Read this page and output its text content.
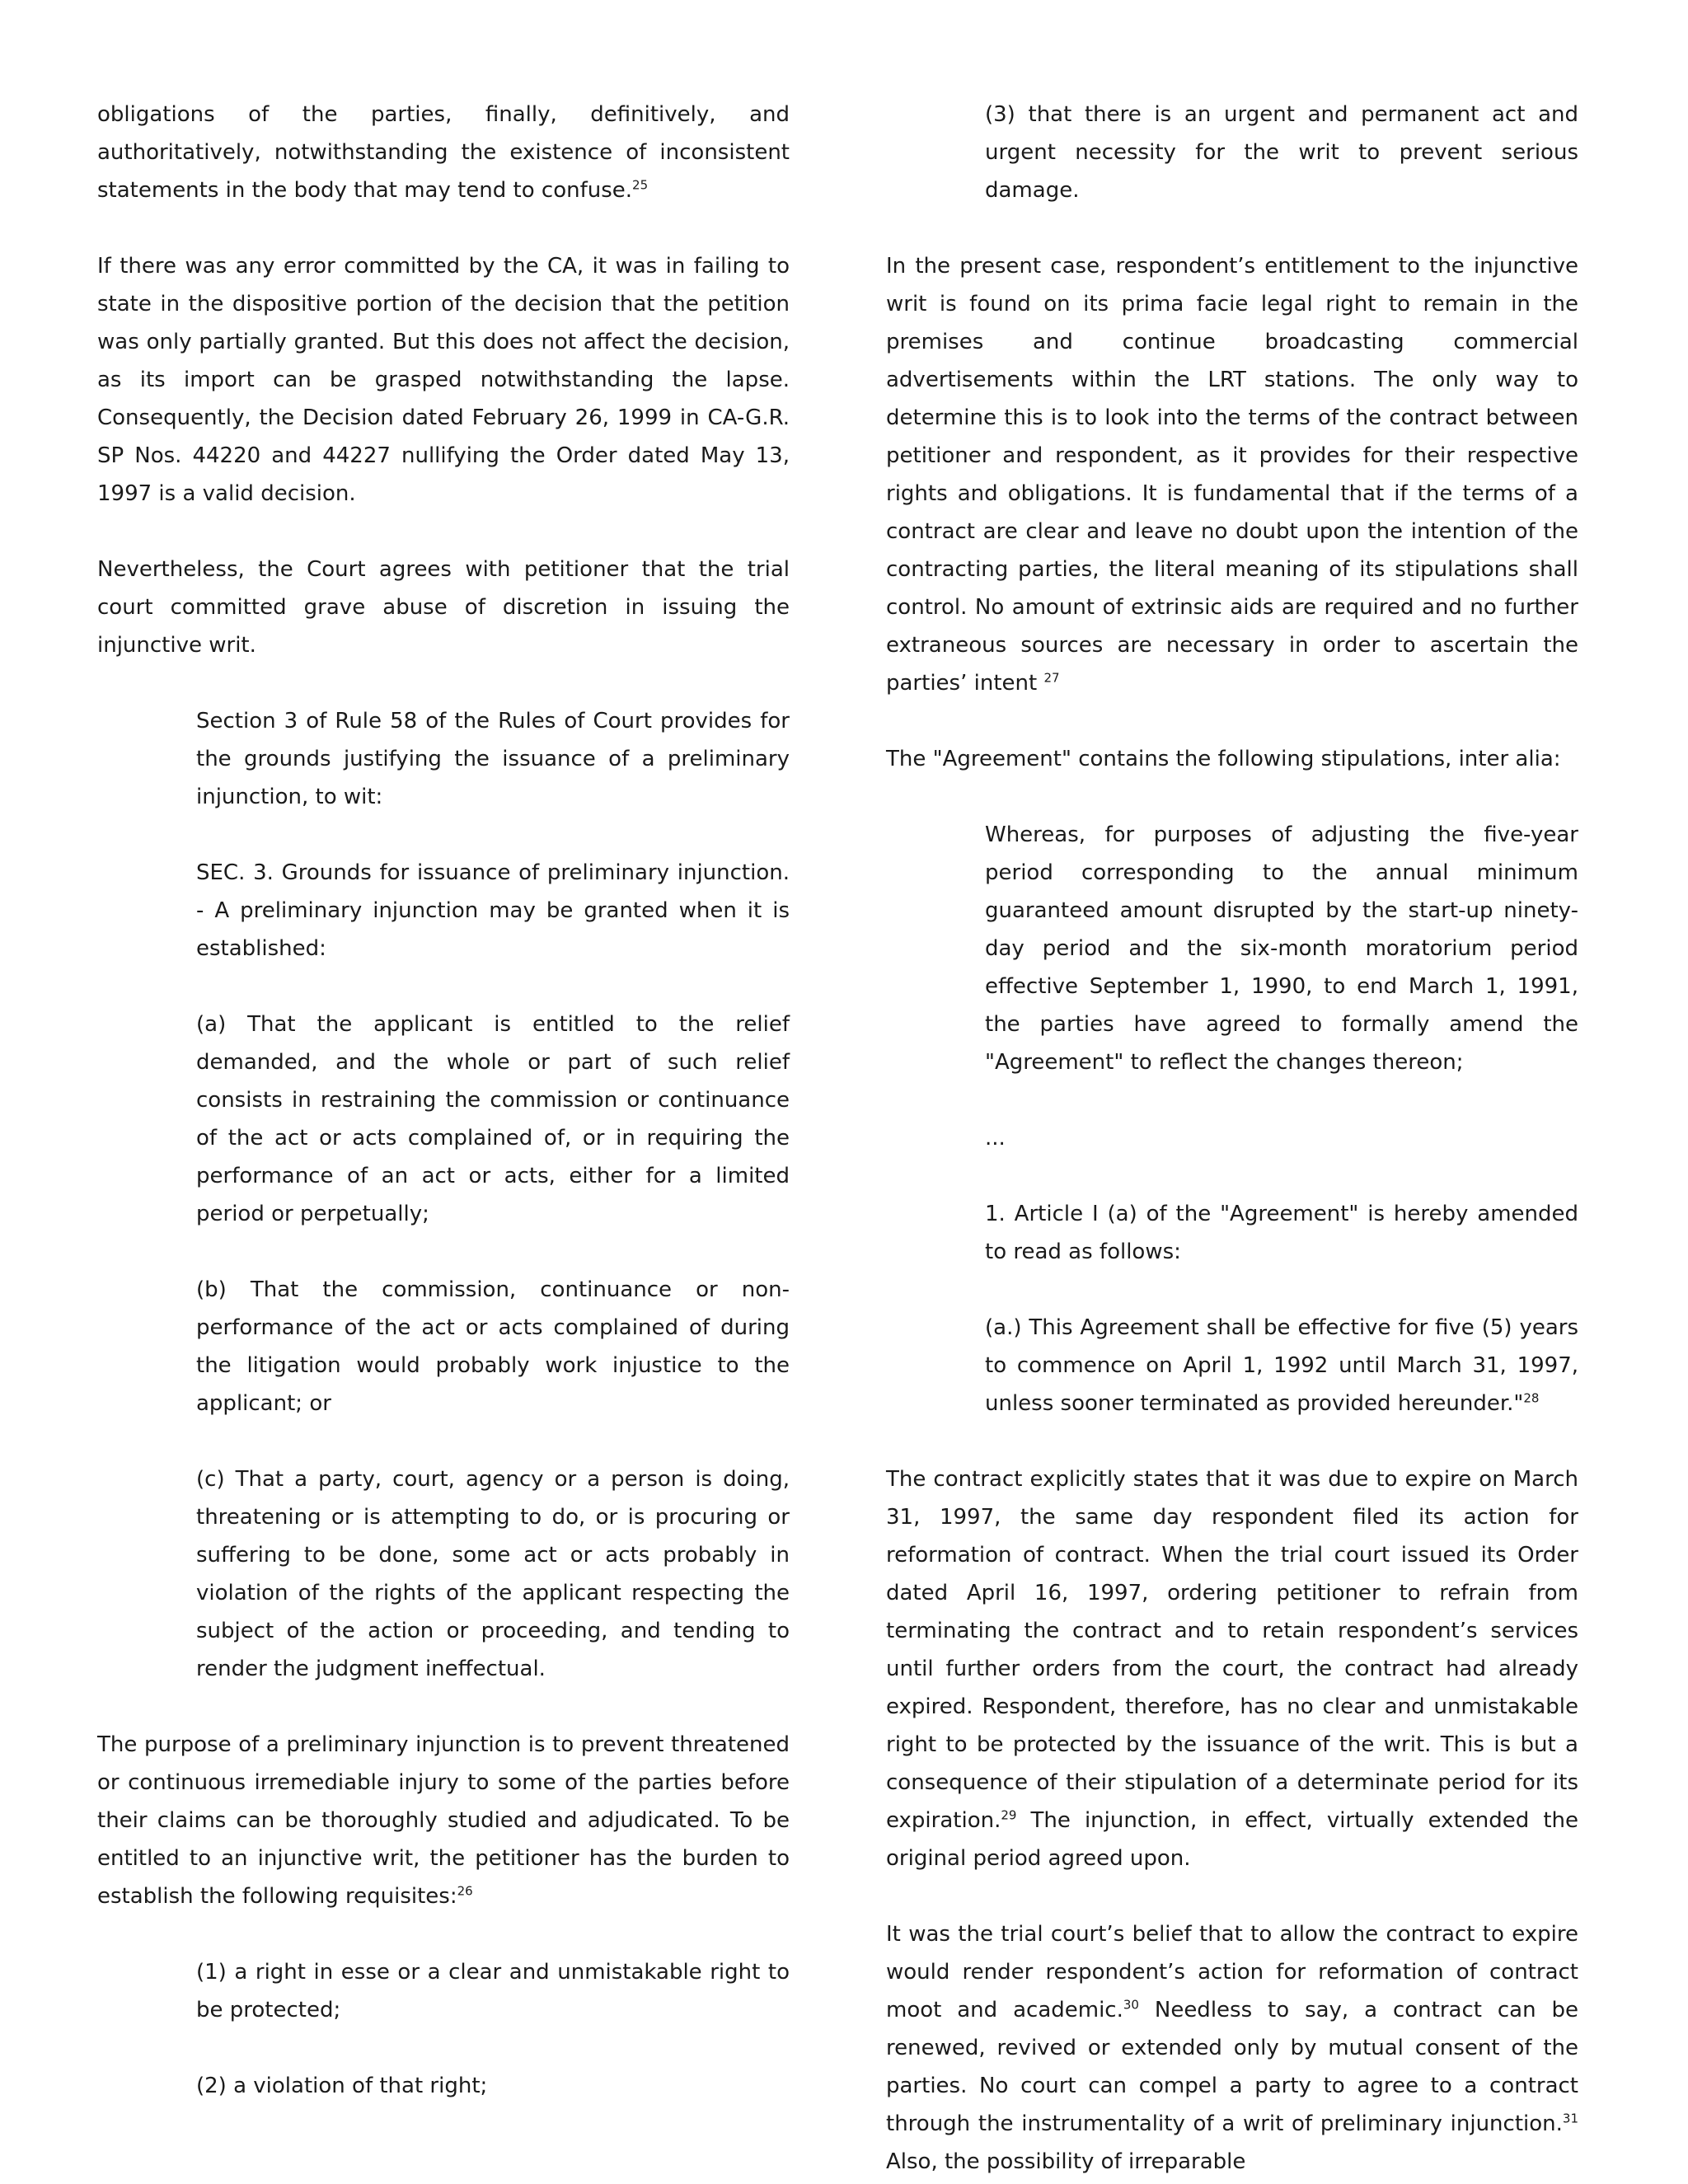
obligations of the parties, finally, definitively, and authoritatively, notwithstanding the existence of inconsistent statements in the body that may tend to confuse.$^{25}$

If there was any error committed by the CA, it was in failing to state in the dispositive portion of the decision that the petition was only partially granted. But this does not affect the decision, as its import can be grasped notwithstanding the lapse. Consequently, the Decision dated February 26, 1999 in CA-G.R. SP Nos. 44220 and 44227 nullifying the Order dated May 13, 1997 is a valid decision.

Nevertheless, the Court agrees with petitioner that the trial court committed grave abuse of discretion in issuing the injunctive writ.

Section 3 of Rule 58 of the Rules of Court provides for the grounds justifying the issuance of a preliminary injunction, to wit:

SEC. 3. Grounds for issuance of preliminary injunction. - A preliminary injunction may be granted when it is established:

(a) That the applicant is entitled to the relief demanded, and the whole or part of such relief consists in restraining the commission or continuance of the act or acts complained of, or in requiring the performance of an act or acts, either for a limited period or perpetually;

(b) That the commission, continuance or non-performance of the act or acts complained of during the litigation would probably work injustice to the applicant; or

(c) That a party, court, agency or a person is doing, threatening or is attempting to do, or is procuring or suffering to be done, some act or acts probably in violation of the rights of the applicant respecting the subject of the action or proceeding, and tending to render the judgment ineffectual.

The purpose of a preliminary injunction is to prevent threatened or continuous irremediable injury to some of the parties before their claims can be thoroughly studied and adjudicated. To be entitled to an injunctive writ, the petitioner has the burden to establish the following requisites:$^{26}$

(1) a right in esse or a clear and unmistakable right to be protected;

(2) a violation of that right;

(3) that there is an urgent and permanent act and urgent necessity for the writ to prevent serious damage.

In the present case, respondent’s entitlement to the injunctive writ is found on its prima facie legal right to remain in the premises and continue broadcasting commercial advertisements within the LRT stations. The only way to determine this is to look into the terms of the contract between petitioner and respondent, as it provides for their respective rights and obligations. It is fundamental that if the terms of a contract are clear and leave no doubt upon the intention of the contracting parties, the literal meaning of its stipulations shall control. No amount of extrinsic aids are required and no further extraneous sources are necessary in order to ascertain the parties’ intent $^{27}$

The "Agreement" contains the following stipulations, inter alia:

Whereas, for purposes of adjusting the five-year period corresponding to the annual minimum guaranteed amount disrupted by the start-up ninety-day period and the six-month moratorium period effective September 1, 1990, to end March 1, 1991, the parties have agreed to formally amend the "Agreement" to reflect the changes thereon;

...

1. Article I (a) of the "Agreement" is hereby amended to read as follows:

(a.) This Agreement shall be effective for five (5) years to commence on April 1, 1992 until March 31, 1997, unless sooner terminated as provided hereunder."$^{28}$

The contract explicitly states that it was due to expire on March 31, 1997, the same day respondent filed its action for reformation of contract. When the trial court issued its Order dated April 16, 1997, ordering petitioner to refrain from terminating the contract and to retain respondent’s services until further orders from the court, the contract had already expired. Respondent, therefore, has no clear and unmistakable right to be protected by the issuance of the writ. This is but a consequence of their stipulation of a determinate period for its expiration.$^{29}$ The injunction, in effect, virtually extended the original period agreed upon.

It was the trial court’s belief that to allow the contract to expire would render respondent’s action for reformation of contract moot and academic.$^{30}$ Needless to say, a contract can be renewed, revived or extended only by mutual consent of the parties. No court can compel a party to agree to a contract through the instrumentality of a writ of preliminary injunction.$^{31}$ Also, the possibility of irreparable
